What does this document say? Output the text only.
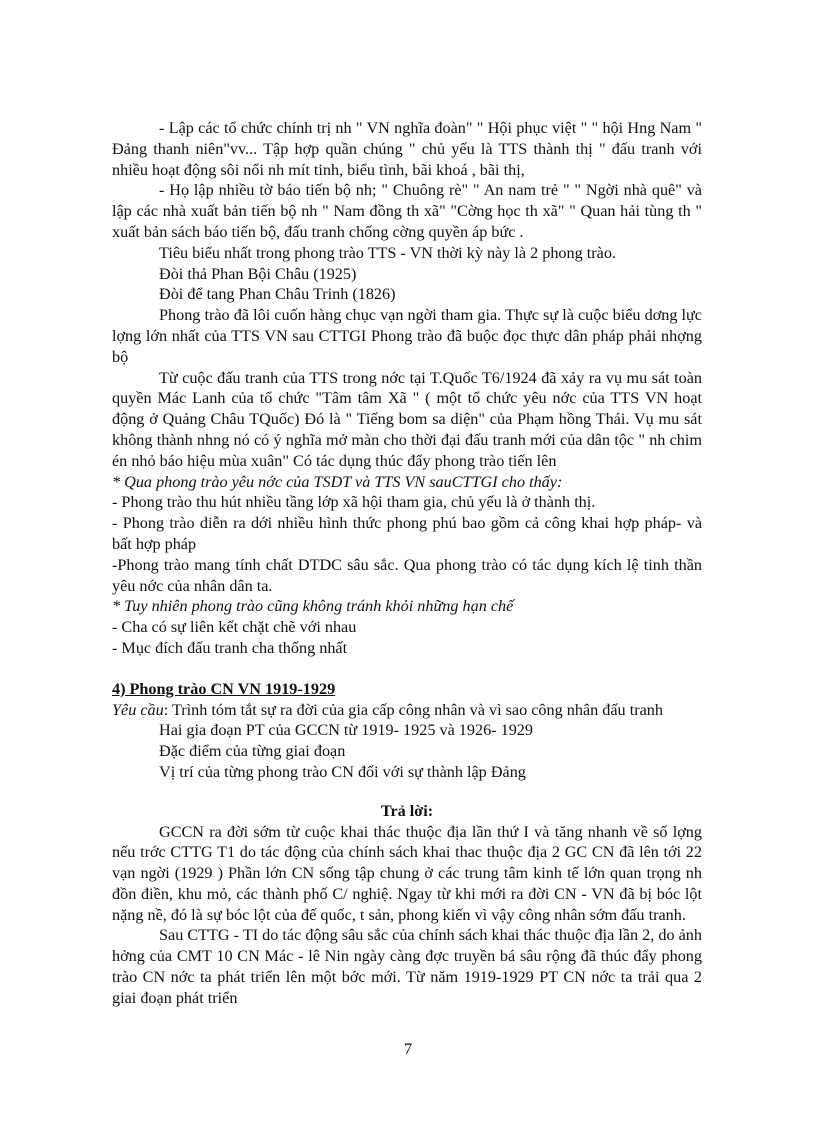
- Lập các tổ chức chính trị nh " VN nghĩa đoàn" " Hội phục việt " " hội Hng Nam " Đảng thanh niên"vv... Tập hợp quần chúng " chủ yếu là TTS thành thị " đấu tranh với nhiều hoạt động sôi nổi nh mít tinh, biểu tình, bãi khoá , bãi thị,

- Họ lập nhiều tờ báo tiến bộ nh; " Chuông rè" " An nam trẻ " " Ngời nhà quê" và lập các nhà xuất bản tiến bộ nh " Nam đồng th xã" "Cờng học th xã" " Quan hải tùng th " xuất bản sách báo tiến bộ, đấu tranh chống cờng quyền áp bức .

Tiêu biểu nhất trong phong trào TTS - VN thời kỳ này là 2 phong trào.

Đòi thả Phan Bội Châu (1925)

Đòi để tang Phan Châu Trinh (1826)

Phong trào đã lôi cuốn hàng chục vạn ngời tham gia. Thực sự là cuộc biểu dơng lực lợng lớn nhất của TTS VN sau CTTGI Phong trào đã buộc đọc thực dân pháp phải nhợng bộ

Từ cuộc đấu tranh của TTS trong nớc tại T.Quốc T6/1924 đã xảy ra vụ mu sát toàn quyền Mác Lanh của tổ chức "Tâm tâm Xã " ( một tổ chức yêu nớc của TTS VN hoạt động ở Quảng Châu TQuốc) Đó là " Tiếng bom sa diện" của Phạm hồng Thái. Vụ mu sát không thành nhng nó có ý nghĩa mở màn cho thời đại đấu tranh mới của dân tộc " nh chim én nhỏ báo hiệu mùa xuân" Có tác dụng thúc đẩy phong trào tiến lên

* Qua phong trào yêu nớc của TSDT và TTS VN sauCTTGI cho thấy:

- Phong trào thu hút nhiều tầng lớp xã hội tham gia, chủ yếu là ở thành thị.

- Phong trào diễn ra dới nhiều hình thức phong phú bao gồm cả công khai hợp pháp- và bất hợp pháp

-Phong trào mang tính chất DTDC sâu sắc. Qua phong trào có tác dụng kích lệ tinh thần yêu nớc của nhân dân ta.

* Tuy nhiên phong trào cũng không tránh khỏi những hạn chế

- Cha có sự liên kết chặt chẽ với nhau

- Mục đích đấu tranh cha thống nhất

4) Phong trào CN VN 1919-1929

Yêu cầu: Trình tóm tắt sự ra đời của gia cấp công nhân và vì sao công nhân đấu tranh

Hai gia đoạn PT của GCCN từ 1919- 1925 và 1926- 1929

Đặc điểm của từng giai đoạn

Vị trí của từng phong trào CN đối với sự thành lập Đảng

Trả lời:

GCCN ra đời sớm từ cuộc khai thác thuộc địa lần thứ I và tăng nhanh về số lợng nếu trớc CTTG T1 do tác động của chính sách khai thac thuộc địa 2 GC CN đã lên tới 22 vạn ngời (1929 ) Phần lớn CN sống tập chung ở các trung tâm kinh tế lớn quan trọng nh đồn điền, khu mỏ, các thành phố C/ nghiệ. Ngay từ khi mới ra đời CN - VN đã bị bóc lột nặng nề, đó là sự bóc lột của đế quốc, t sản, phong kiến vì vậy công nhân sớm đấu tranh.

Sau CTTG - TI do tác động sâu sắc của chính sách khai thác thuộc địa lần 2, do ảnh hởng của CMT 10 CN Mác - lê Nin ngày càng đợc truyền bá sâu rộng đã thúc đẩy phong trào CN nớc ta phát triển lên một bớc mới. Từ năm 1919-1929 PT CN nớc ta trải qua 2 giai đoạn phát triển

7
